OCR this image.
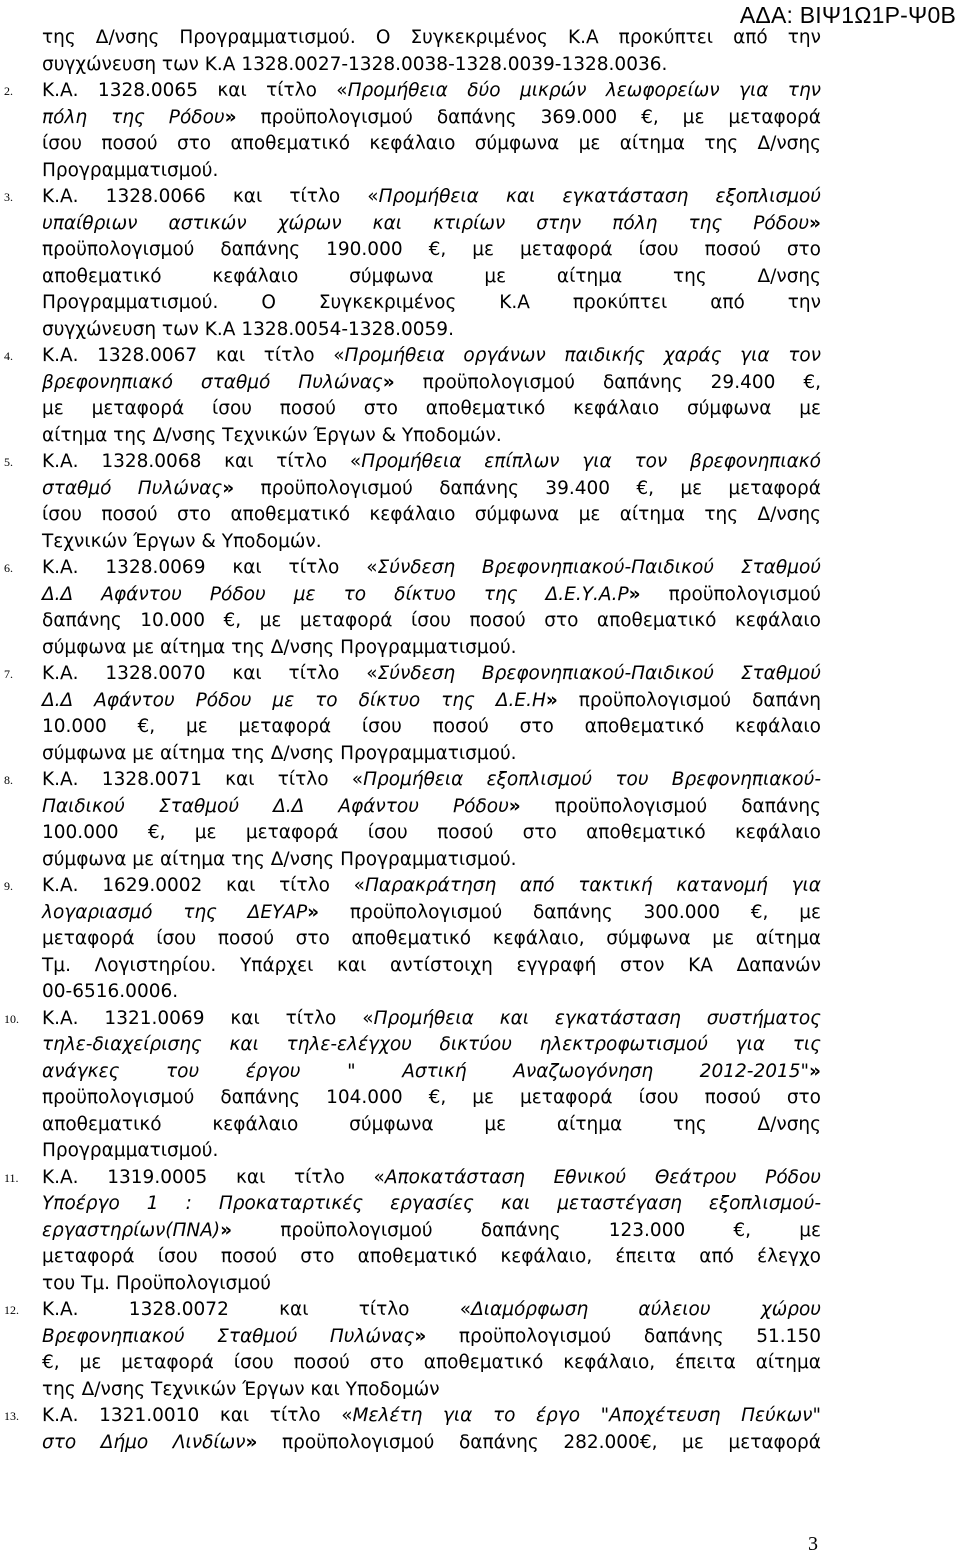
ΑΔΑ: ΒΙΨ1Ω1Ρ-Ψ0Β
της Δ/νσης Προγραμματισμού. Ο Συγκεκριμένος Κ.Α προκύπτει από την
συγχώνευση των Κ.Α 1328.0027-1328.0038-1328.0039-1328.0036.
2. Κ.Α. 1328.0065 και τίτλο «Προμήθεια δύο μικρών λεωφορείων για την
πόλη της Ρόδου» προϋπολογισμού δαπάνης 369.000 €, με μεταφορά
ίσου ποσού στο αποθεματικό κεφάλαιο σύμφωνα με αίτημα της Δ/νσης
Προγραμματισμού.
3. Κ.Α. 1328.0066 και τίτλο «Προμήθεια και εγκατάσταση εξοπλισμού
υπαίθριων αστικών χώρων και κτιρίων στην πόλη της Ρόδου»
προϋπολογισμού δαπάνης 190.000 €, με μεταφορά ίσου ποσού στο
αποθεματικό κεφάλαιο σύμφωνα με αίτημα της Δ/νσης
Προγραμματισμού. Ο Συγκεκριμένος Κ.Α προκύπτει από την
συγχώνευση των Κ.Α 1328.0054-1328.0059.
4. Κ.Α. 1328.0067 και τίτλο «Προμήθεια οργάνων παιδικής χαράς για τον
βρεφονηπιακό σταθμό Πυλώνας» προϋπολογισμού δαπάνης 29.400 €,
με μεταφορά ίσου ποσού στο αποθεματικό κεφάλαιο σύμφωνα με
αίτημα της Δ/νσης Τεχνικών Έργων & Υποδομών.
5. Κ.Α. 1328.0068 και τίτλο «Προμήθεια επίπλων για τον βρεφονηπιακό
σταθμό Πυλώνας» προϋπολογισμού δαπάνης 39.400 €, με μεταφορά
ίσου ποσού στο αποθεματικό κεφάλαιο σύμφωνα με αίτημα της Δ/νσης
Τεχνικών Έργων & Υποδομών.
6. Κ.Α. 1328.0069 και τίτλο «Σύνδεση Βρεφονηπιακού-Παιδικού Σταθμού
Δ.Δ Αφάντου Ρόδου με το δίκτυο της Δ.Ε.Υ.Α.Ρ» προϋπολογισμού
δαπάνης 10.000 €, με μεταφορά ίσου ποσού στο αποθεματικό κεφάλαιο
σύμφωνα με αίτημα της Δ/νσης Προγραμματισμού.
7. Κ.Α. 1328.0070 και τίτλο «Σύνδεση Βρεφονηπιακού-Παιδικού Σταθμού
Δ.Δ Αφάντου Ρόδου με το δίκτυο της Δ.Ε.Η» προϋπολογισμού δαπάνη
10.000 €, με μεταφορά ίσου ποσού στο αποθεματικό κεφάλαιο
σύμφωνα με αίτημα της Δ/νσης Προγραμματισμού.
8. Κ.Α. 1328.0071 και τίτλο «Προμήθεια εξοπλισμού του Βρεφονηπιακού-
Παιδικού Σταθμού Δ.Δ Αφάντου Ρόδου» προϋπολογισμού δαπάνης
100.000 €, με μεταφορά ίσου ποσού στο αποθεματικό κεφάλαιο
σύμφωνα με αίτημα της Δ/νσης Προγραμματισμού.
9. Κ.Α. 1629.0002 και τίτλο «Παρακράτηση από τακτική κατανομή για
λογαριασμό της ΔΕΥΑΡ» προϋπολογισμού δαπάνης 300.000 €, με
μεταφορά ίσου ποσού στο αποθεματικό κεφάλαιο, σύμφωνα με αίτημα
Τμ. Λογιστηρίου. Υπάρχει και αντίστοιχη εγγραφή στον ΚΑ Δαπανών
00-6516.0006.
10. Κ.Α. 1321.0069 και τίτλο «Προμήθεια και εγκατάσταση συστήματος
τηλε-διαχείρισης και τηλε-ελέγχου δικτύου ηλεκτροφωτισμού για τις
ανάγκες του έργου " Αστική Αναζωογόνηση 2012-2015"»
προϋπολογισμού δαπάνης 104.000 €, με μεταφορά ίσου ποσού στο
αποθεματικό κεφάλαιο σύμφωνα με αίτημα της Δ/νσης
Προγραμματισμού.
11. Κ.Α. 1319.0005 και τίτλο «Αποκατάσταση Εθνικού Θεάτρου Ρόδου
Υποέργο 1 : Προκαταρτικές εργασίες και μεταστέγαση εξοπλισμού-
εργαστηρίων(ΠΝΑ)» προϋπολογισμού δαπάνης 123.000 €, με
μεταφορά ίσου ποσού στο αποθεματικό κεφάλαιο, έπειτα από έλεγχο
του Τμ. Προϋπολογισμού
12. Κ.Α. 1328.0072 και τίτλο «Διαμόρφωση αύλειου χώρου
Βρεφονηπιακού Σταθμού Πυλώνας» προϋπολογισμού δαπάνης 51.150
€, με μεταφορά ίσου ποσού στο αποθεματικό κεφάλαιο, έπειτα αίτημα
της Δ/νσης Τεχνικών Έργων και Υποδομών
13. Κ.Α. 1321.0010 και τίτλο «Μελέτη για το έργο "Αποχέτευση Πεύκων"
στο Δήμο Λινδίων» προϋπολογισμού δαπάνης 282.000€, με μεταφορά
3
